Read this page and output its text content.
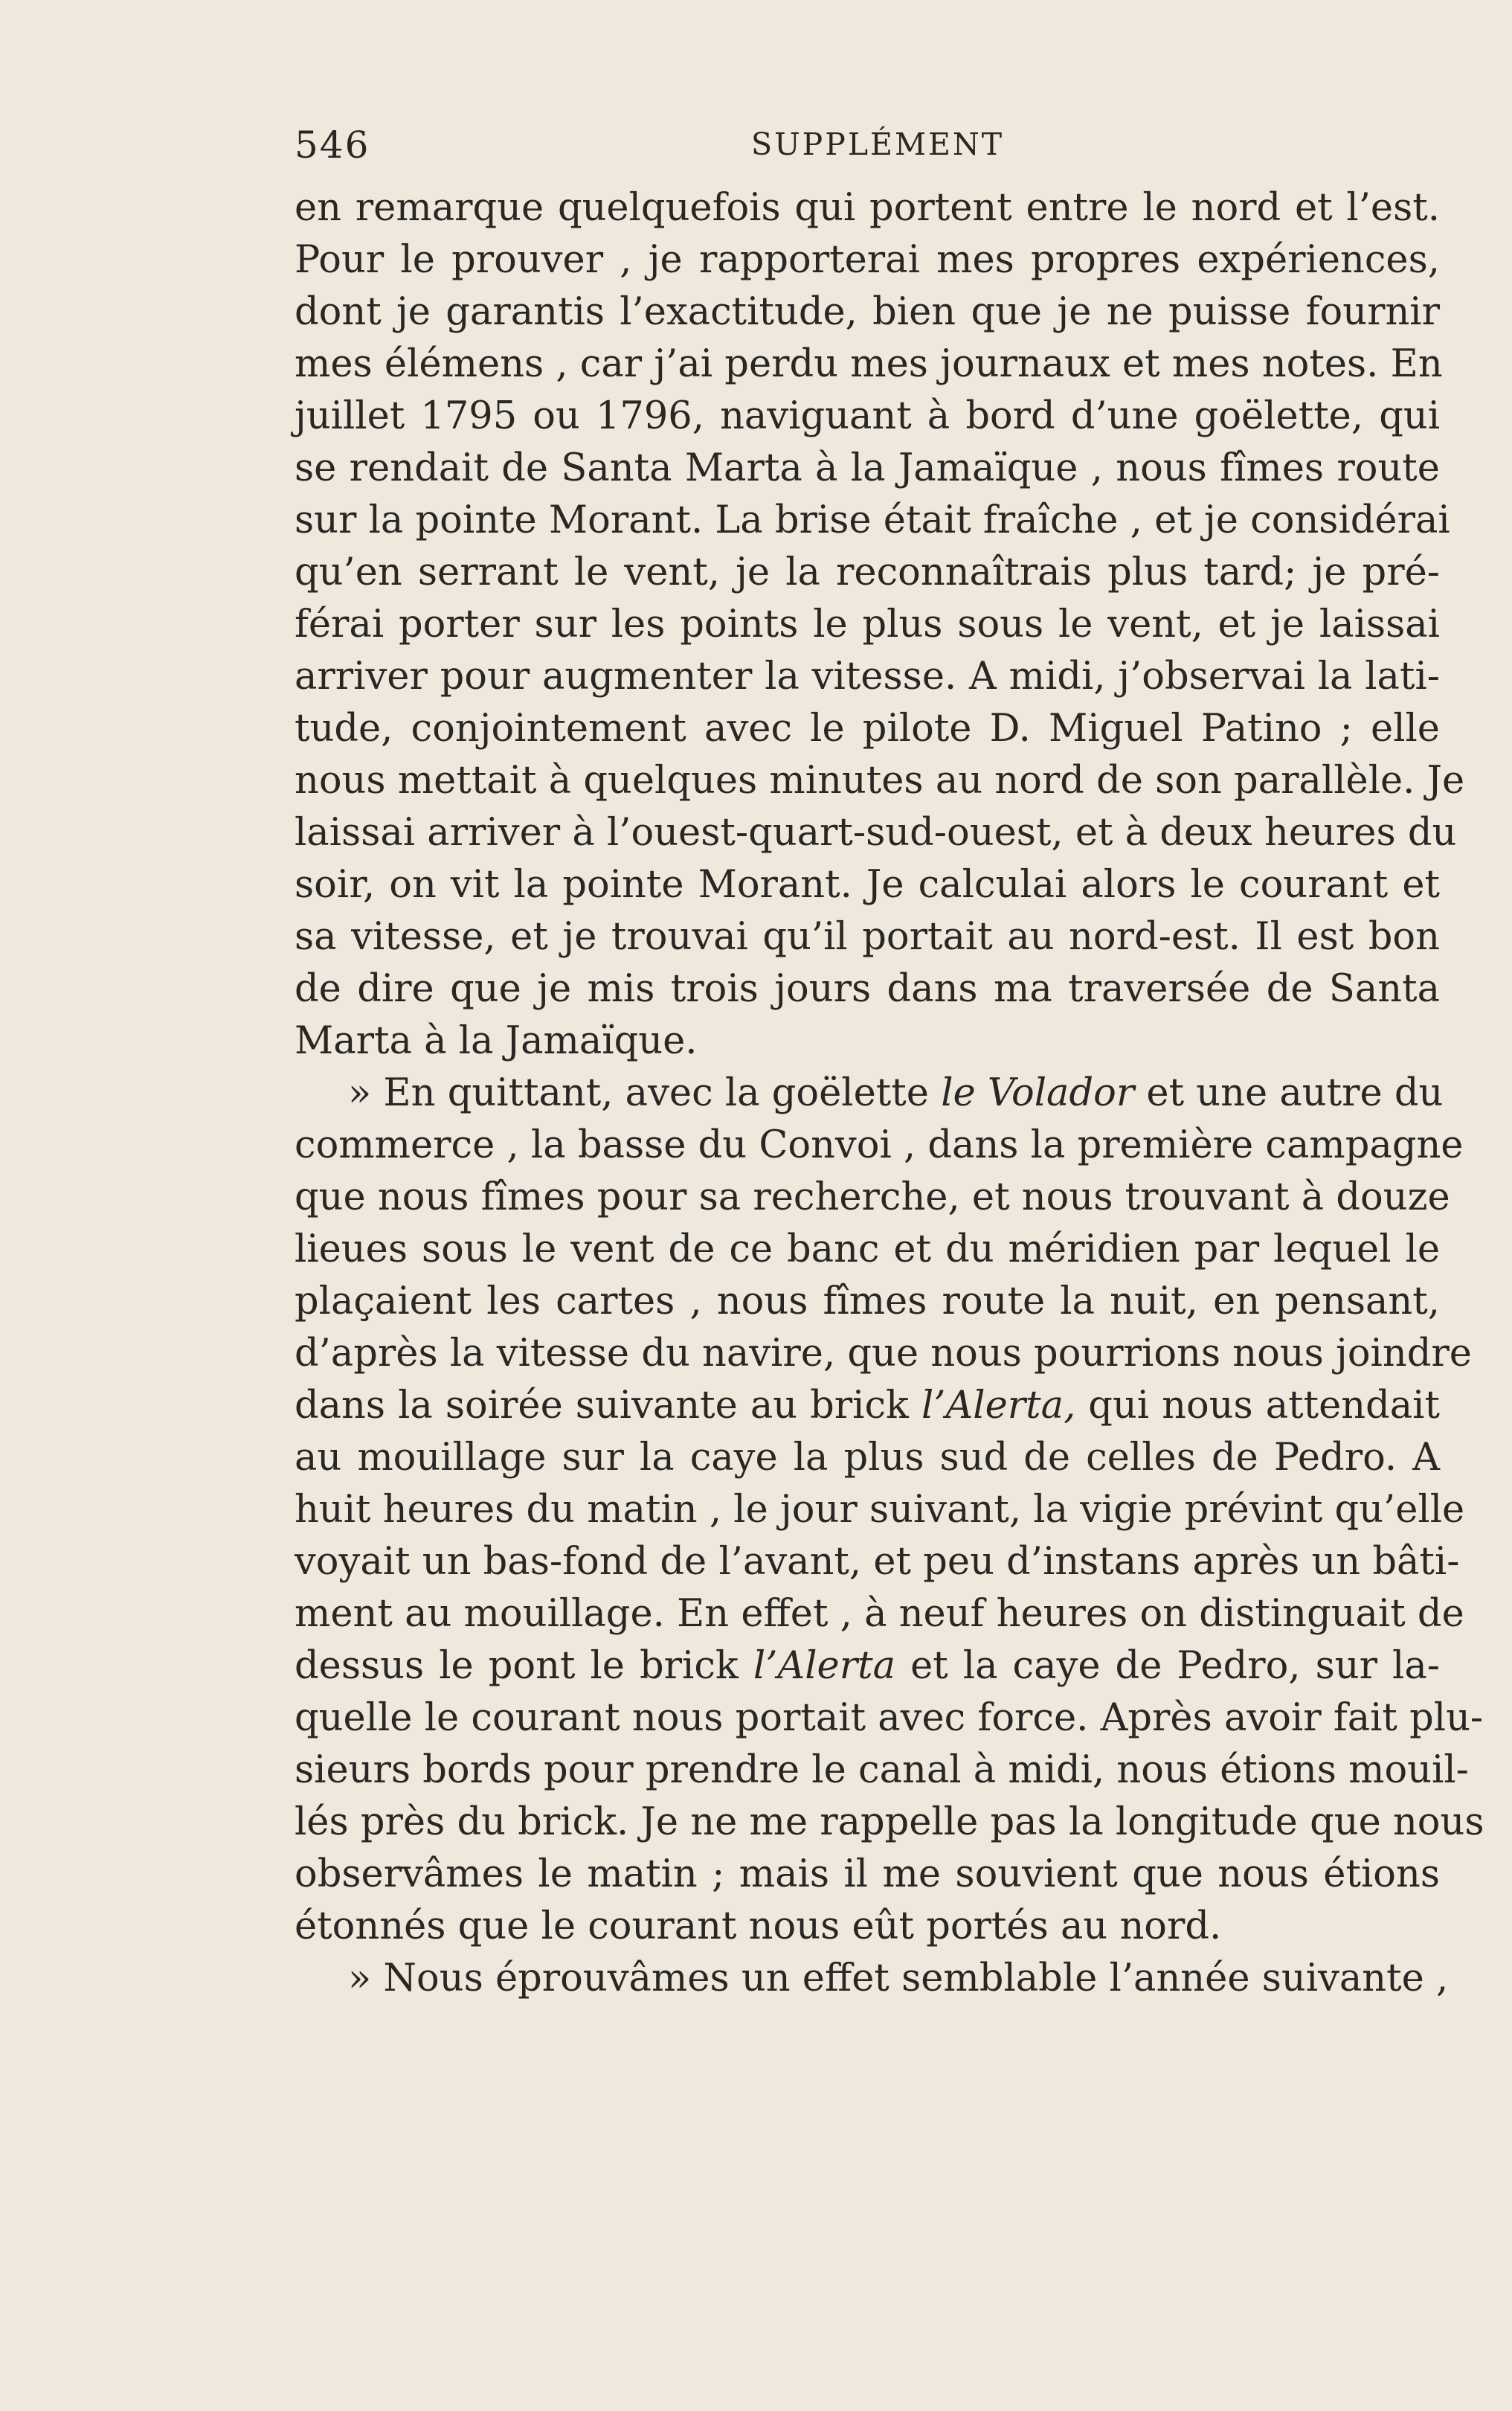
546	SUPPLÉMENT
en remarque quelquefois qui portent entre le nord et l’est.
Pour le prouver , je rapporterai mes propres expériences,
dont je garantis l’exactitude, bien que je ne puisse fournir
mes élémens , car j’ai perdu mes journaux et mes notes. En
juillet 1795 ou 1796, naviguant à bord d’une goëlette, qui
se rendait de Santa Marta à la Jamaïque , nous fîmes route
sur la pointe Morant. La brise était fraîche , et je considérai
qu’en serrant le vent, je la reconnaîtrais plus tard; je pré-
férai porter sur les points le plus sous le vent, et je laissai
arriver pour augmenter la vitesse. A midi, j’observai la lati-
tude, conjointement avec le pilote D. Miguel Patino ; elle
nous mettait à quelques minutes au nord de son parallèle. Je
laissai arriver à l’ouest-quart-sud-ouest, et à deux heures du
soir, on vit la pointe Morant. Je calculai alors le courant et
sa vitesse, et je trouvai qu’il portait au nord-est. Il est bon
de dire que je mis trois jours dans ma traversée de Santa
Marta à la Jamaïque.
» En quittant, avec la goëlette le Volador et une autre du
commerce , la basse du Convoi , dans la première campagne
que nous fîmes pour sa recherche, et nous trouvant à douze
lieues sous le vent de ce banc et du méridien par lequel le
plaçaient les cartes , nous fîmes route la nuit, en pensant,
d’après la vitesse du navire, que nous pourrions nous joindre
dans la soirée suivante au brick l’Alerta, qui nous attendait
au mouillage sur la caye la plus sud de celles de Pedro. A
huit heures du matin , le jour suivant, la vigie prévint qu’elle
voyait un bas-fond de l’avant, et peu d’instans après un bâti-
ment au mouillage. En effet , à neuf heures on distinguait de
dessus le pont le brick l’Alerta et la caye de Pedro, sur la-
quelle le courant nous portait avec force. Après avoir fait plu-
sieurs bords pour prendre le canal à midi, nous étions mouil-
lés près du brick. Je ne me rappelle pas la longitude que nous
observâmes le matin ; mais il me souvient que nous étions
étonnés que le courant nous eût portés au nord.
» Nous éprouvâmes un effet semblable l’année suivante ,
